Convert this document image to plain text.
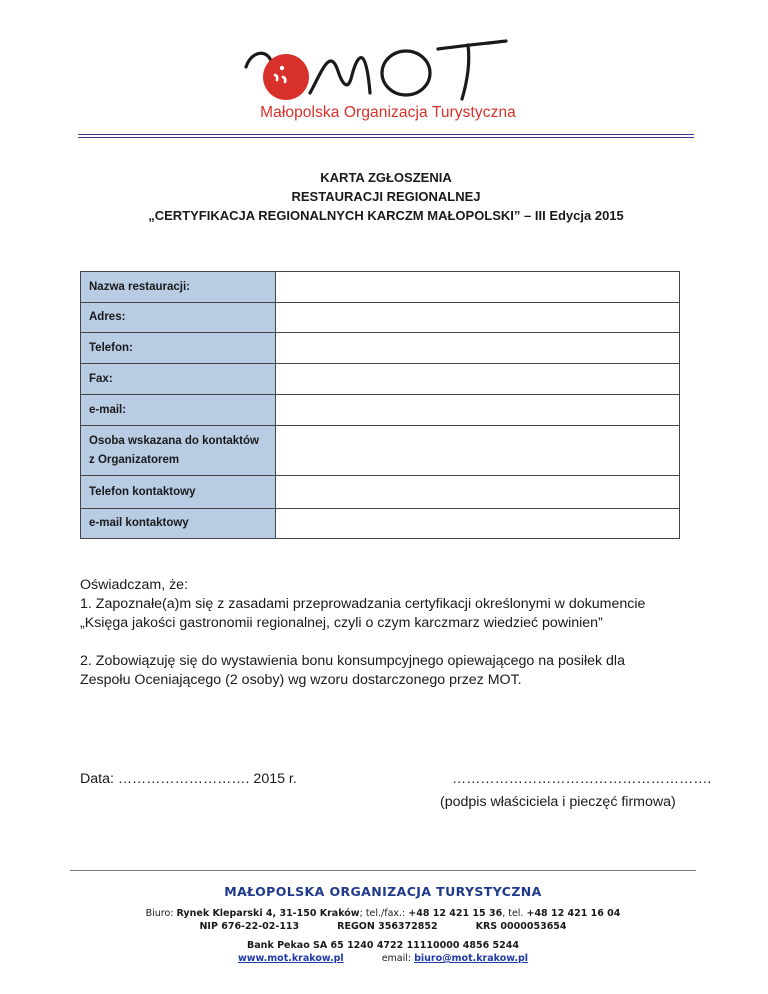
Małopolska Organizacja Turystyczna
KARTA ZGŁOSZENIA
RESTAURACJI REGIONALNEJ
„CERTYFIKACJA REGIONALNYCH KARCZM MAŁOPOLSKI” – III Edycja 2015
Nazwa restauracji:	
Adres:	
Telefon:	
Fax:	
e-mail:	
Osoba wskazana do kontaktów z Organizatorem	
Telefon kontaktowy	
e-mail kontaktowy	

Oświadczam, że:

1. Zapoznałe(a)m się z zasadami przeprowadzania certyfikacji określonymi w dokumencie

„Księga jakości gastronomii regionalnej, czyli o czym karczmarz wiedzieć powinien”

2. Zobowiązuję się do wystawienia bonu konsumpcyjnego opiewającego na posiłek dla

Zespołu Oceniającego (2 osoby) wg wzoru dostarczonego przez MOT.

Data: ………………………. 2015 r.	……………………………………………….
(podpis właściciela i pieczęć firmowa)
MAŁOPOLSKA ORGANIZACJA TURYSTYCZNA
Biuro: Rynek Kleparski 4, 31-150 Kraków; tel./fax.: +48 12 421 15 36, tel. +48 12 421 16 04
NIP 676-22-02-113	REGON 356372852	KRS 0000053654
Bank Pekao SA 65 1240 4722 11110000 4856 5244
www.mot.krakow.pl	email: biuro@mot.krakow.pl
